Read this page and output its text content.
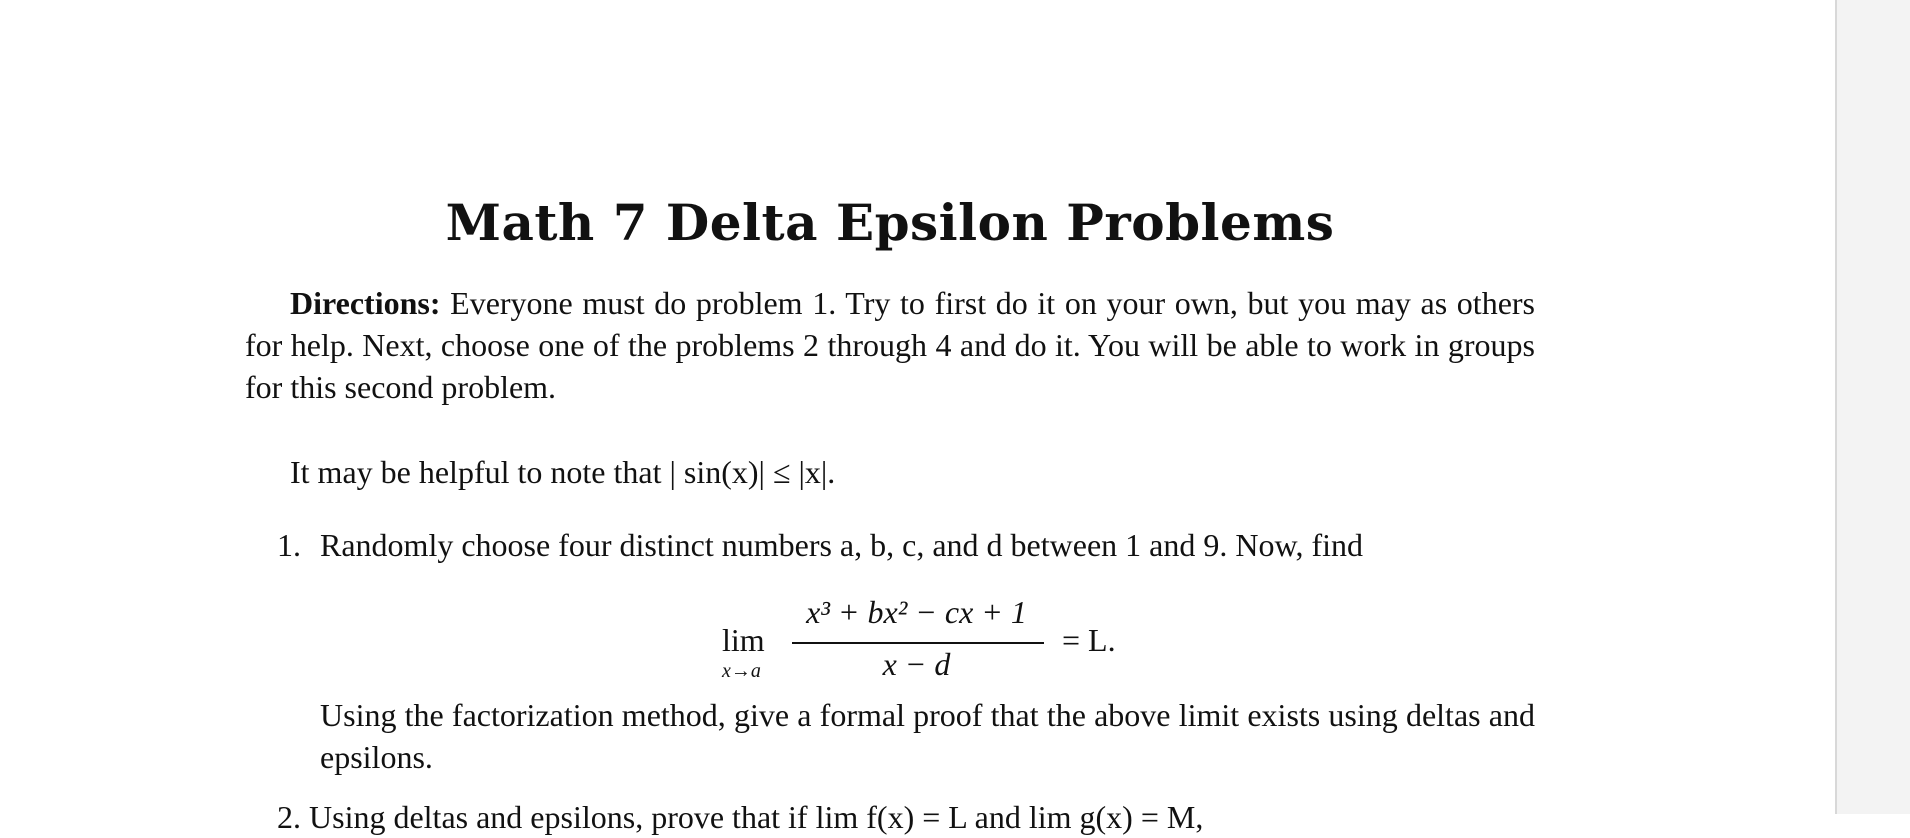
Math 7 Delta Epsilon Problems
Directions: Everyone must do problem 1. Try to first do it on your own, but you may as others for help. Next, choose one of the problems 2 through 4 and do it. You will be able to work in groups for this second problem.
It may be helpful to note that | sin(x)| ≤ |x|.
1. Randomly choose four distinct numbers a, b, c, and d between 1 and 9. Now, find
lim
x→a
x³ + bx² − cx + 1
x − d
= L.
Using the factorization method, give a formal proof that the above limit exists using deltas and epsilons.
2. Using deltas and epsilons, prove that if lim f(x) = L and lim g(x) = M,
